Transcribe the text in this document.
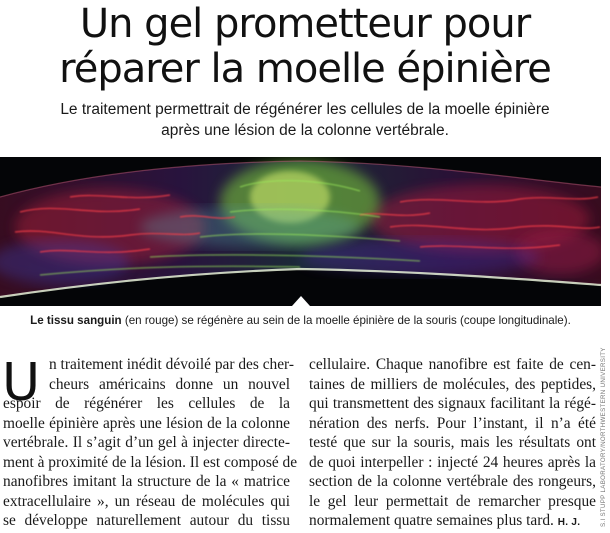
Un gel prometteur pour
réparer la moelle épinière
Le traitement permettrait de régénérer les cellules de la moelle épinière
après une lésion de la colonne vertébrale.
Le tissu sanguin (en rouge) se régénère au sein de la moelle épinière de la souris (coupe longitudinale).
S.I STUPP LABORATORY/NORTHWESTERN UNIVERSITY
U n traitement inédit dévoilé par des cher-
cheurs américains donne un nouvel
espoir de régénérer les cellules de la
moelle épinière après une lésion de la colonne
vertébrale. Il s’agit d’un gel à injecter directe-
ment à proximité de la lésion. Il est composé de
nanofibres imitant la structure de la « matrice
extracellulaire », un réseau de molécules qui
se développe naturellement autour du tissu
cellulaire. Chaque nanofibre est faite de cen-
taines de milliers de molécules, des peptides,
qui transmettent des signaux facilitant la régé-
nération des nerfs. Pour l’instant, il n’a été
testé que sur la souris, mais les résultats ont
de quoi interpeller : injecté 24 heures après la
section de la colonne vertébrale des rongeurs,
le gel leur permettait de remarcher presque
normalement quatre semaines plus tard. H. J.
